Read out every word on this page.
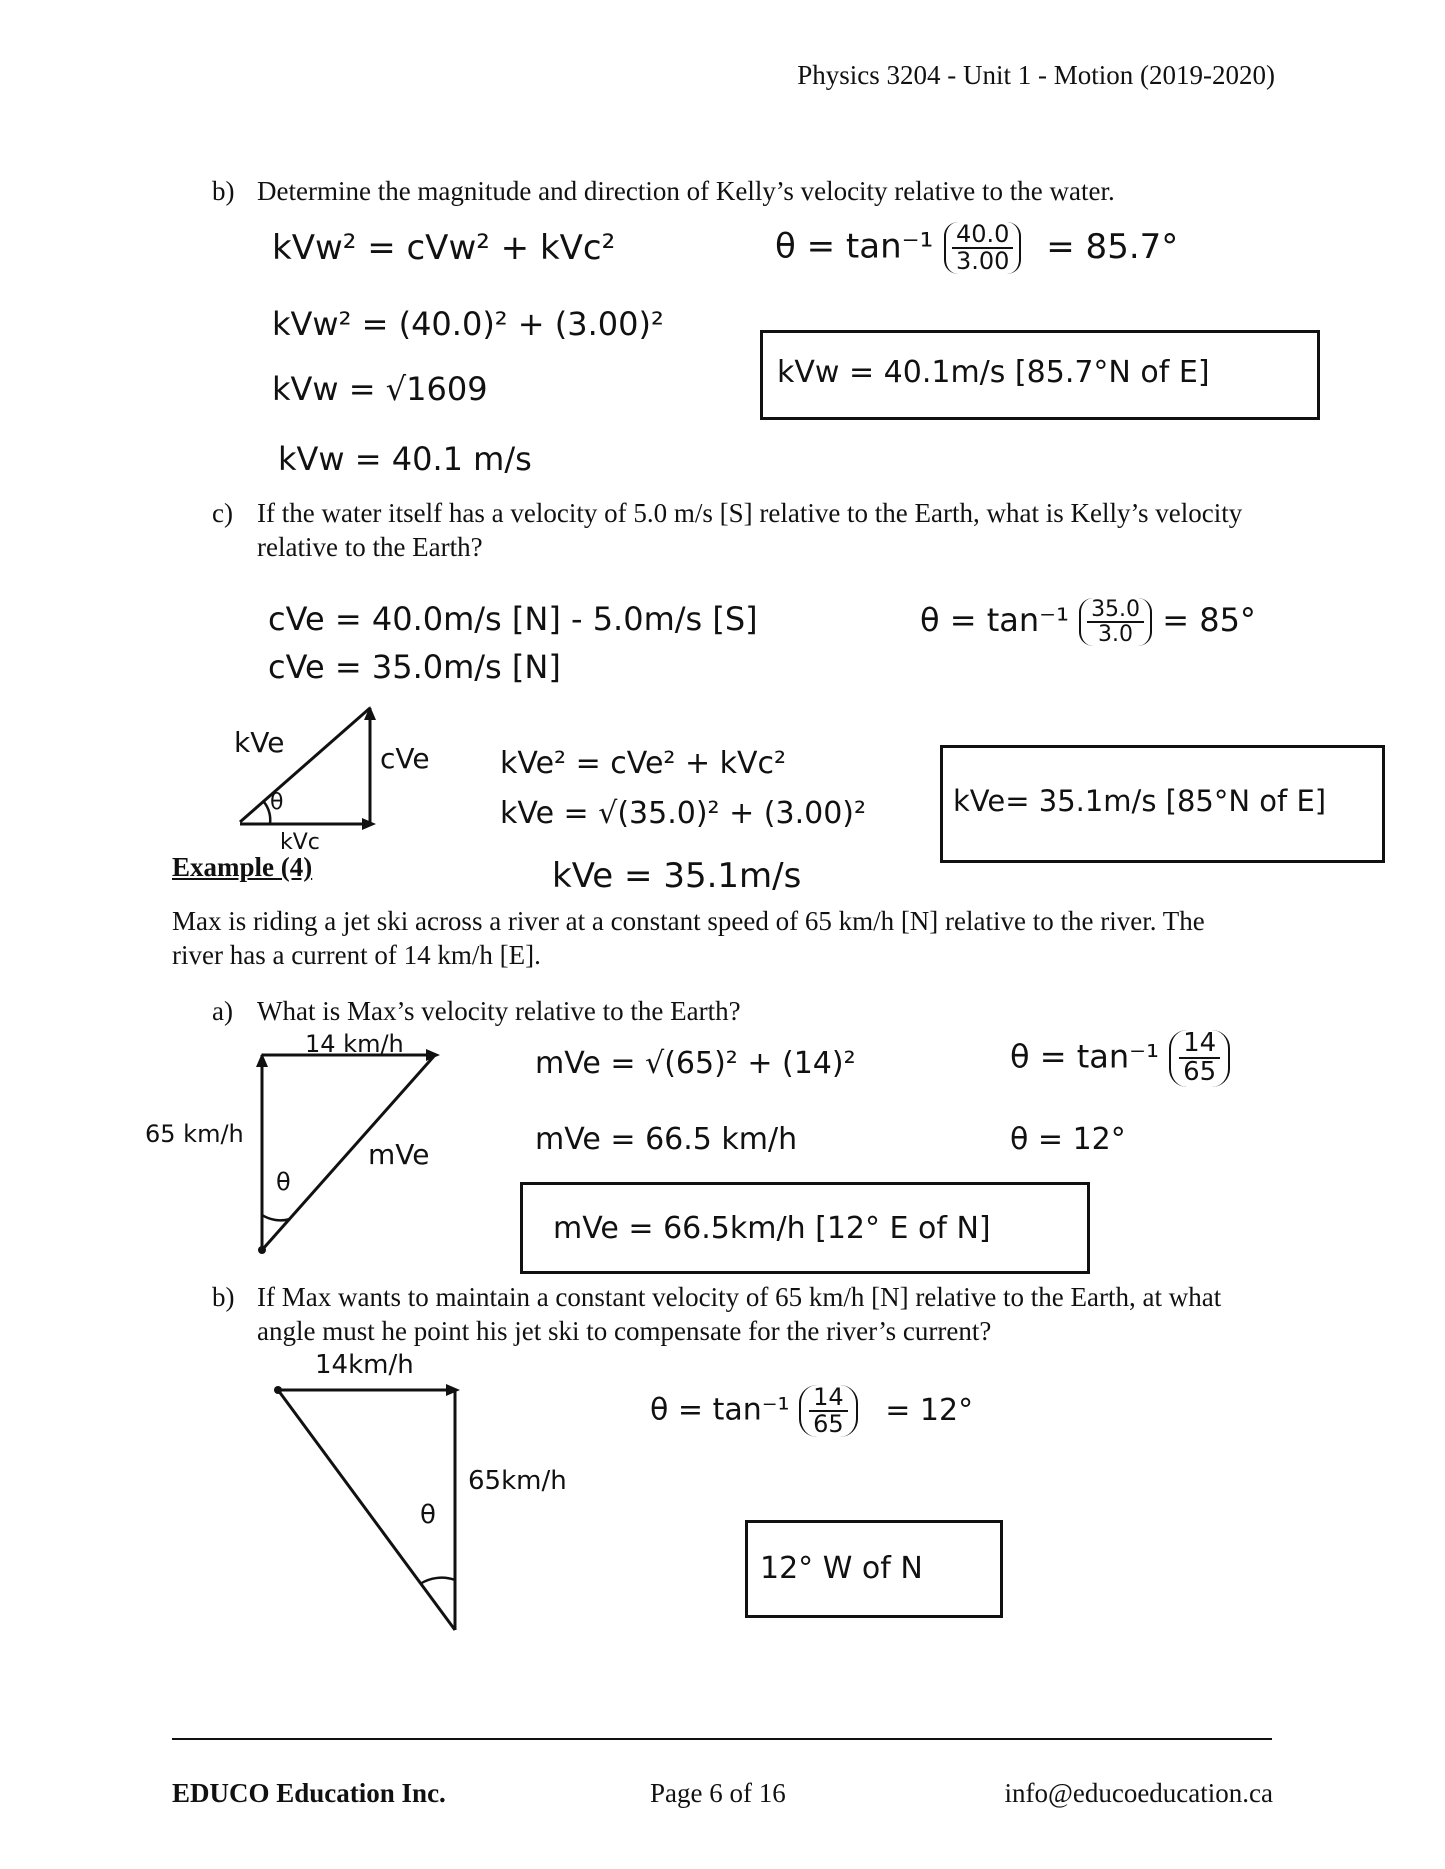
Physics 3204 - Unit 1 - Motion (2019-2020)
b) Determine the magnitude and direction of Kelly’s velocity relative to the water.
kVw² = cVw² + kVc²
kVw² = (40.0)² + (3.00)²
kVw = √1609
kVw = 40.1 m/s
$\theta = \tan^{-1} \frac{40.0}{3.00} = 85.7^\circ$
kVw = 40.1m/s [85.7°N of E]
c) If the water itself has a velocity of 5.0 m/s [S] relative to the Earth, what is Kelly’s velocity
relative to the Earth?
cVe = 40.0m/s [N] - 5.0m/s [S]
cVe = 35.0m/s [N]
$\theta = \tan^{-1} \frac{35.0}{3.0} = 85^\circ$
kVe	cVe
θ
kVc
kVe² = cVe² + kVc²
kVe = √(35.0)² + (3.00)²
kVe = 35.1m/s
kVe= 35.1m/s [85°N of E]
Example (4)
Max is riding a jet ski across a river at a constant speed of 65 km/h [N] relative to the river. The
river has a current of 14 km/h [E].
a) What is Max’s velocity relative to the Earth?
14 km/h
65 km/h
mVe
θ
mVe = √(65)² + (14)²
mVe = 66.5 km/h
$\theta = \tan^{-1} \frac{14}{65}$
θ = 12°
mVe = 66.5km/h [12° E of N]
b) If Max wants to maintain a constant velocity of 65 km/h [N] relative to the Earth, at what
angle must he point his jet ski to compensate for the river’s current?
14km/h
65km/h
θ
$\theta = \tan^{-1} \frac{14}{65} = 12^\circ$
12° W of N
EDUCO Education Inc.	Page 6 of 16	info@educoeducation.ca
